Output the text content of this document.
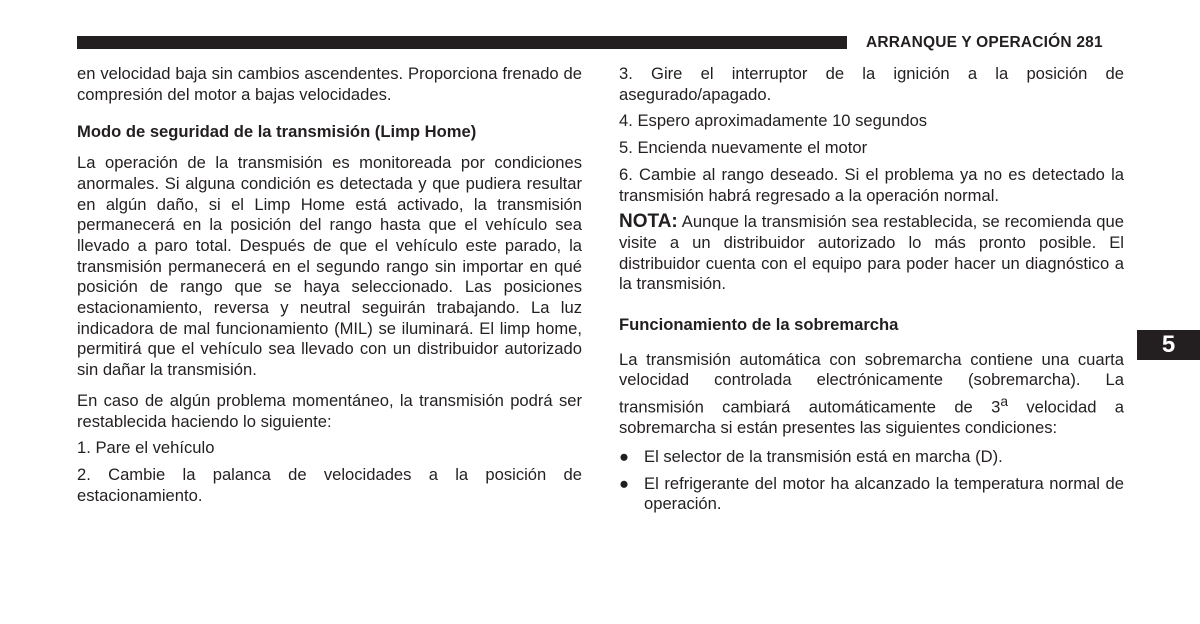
ARRANQUE Y OPERACIÓN 281

en velocidad baja sin cambios ascendentes. Proporciona frenado de compresión del motor a bajas velocidades.

Modo de seguridad de la transmisión (Limp Home)

La operación de la transmisión es monitoreada por condiciones anormales. Si alguna condición es detectada y que pudiera resultar en algún daño, si el Limp Home está activado, la transmisión permanecerá en la posición del rango hasta que el vehículo sea llevado a paro total. Después de que el vehículo este parado, la transmisión permanecerá en el segundo rango sin importar en qué posición de rango que se haya seleccionado. Las posiciones estacionamiento, reversa y neutral seguirán trabajando. La luz indicadora de mal funcionamiento (MIL) se iluminará. El limp home, permitirá que el vehículo sea llevado con un distribuidor autorizado sin dañar la transmisión.

En caso de algún problema momentáneo, la transmisión podrá ser restablecida haciendo lo siguiente:

1. Pare el vehículo

2. Cambie la palanca de velocidades a la posición de estacionamiento.

3. Gire el interruptor de la ignición a la posición de asegurado/apagado.

4. Espero aproximadamente 10 segundos

5. Encienda nuevamente el motor

6. Cambie al rango deseado. Si el problema ya no es detectado la transmisión habrá regresado a la operación normal.

NOTA: Aunque la transmisión sea restablecida, se recomienda que visite a un distribuidor autorizado lo más pronto posible. El distribuidor cuenta con el equipo para poder hacer un diagnóstico a la transmisión.

Funcionamiento de la sobremarcha

La transmisión automática con sobremarcha contiene una cuarta velocidad controlada electrónicamente (sobremarcha). La transmisión cambiará automáticamente de 3$^a$ velocidad a sobremarcha si están presentes las siguientes condiciones:

● El selector de la transmisión está en marcha (D).
● El refrigerante del motor ha alcanzado la temperatura normal de operación.
5
